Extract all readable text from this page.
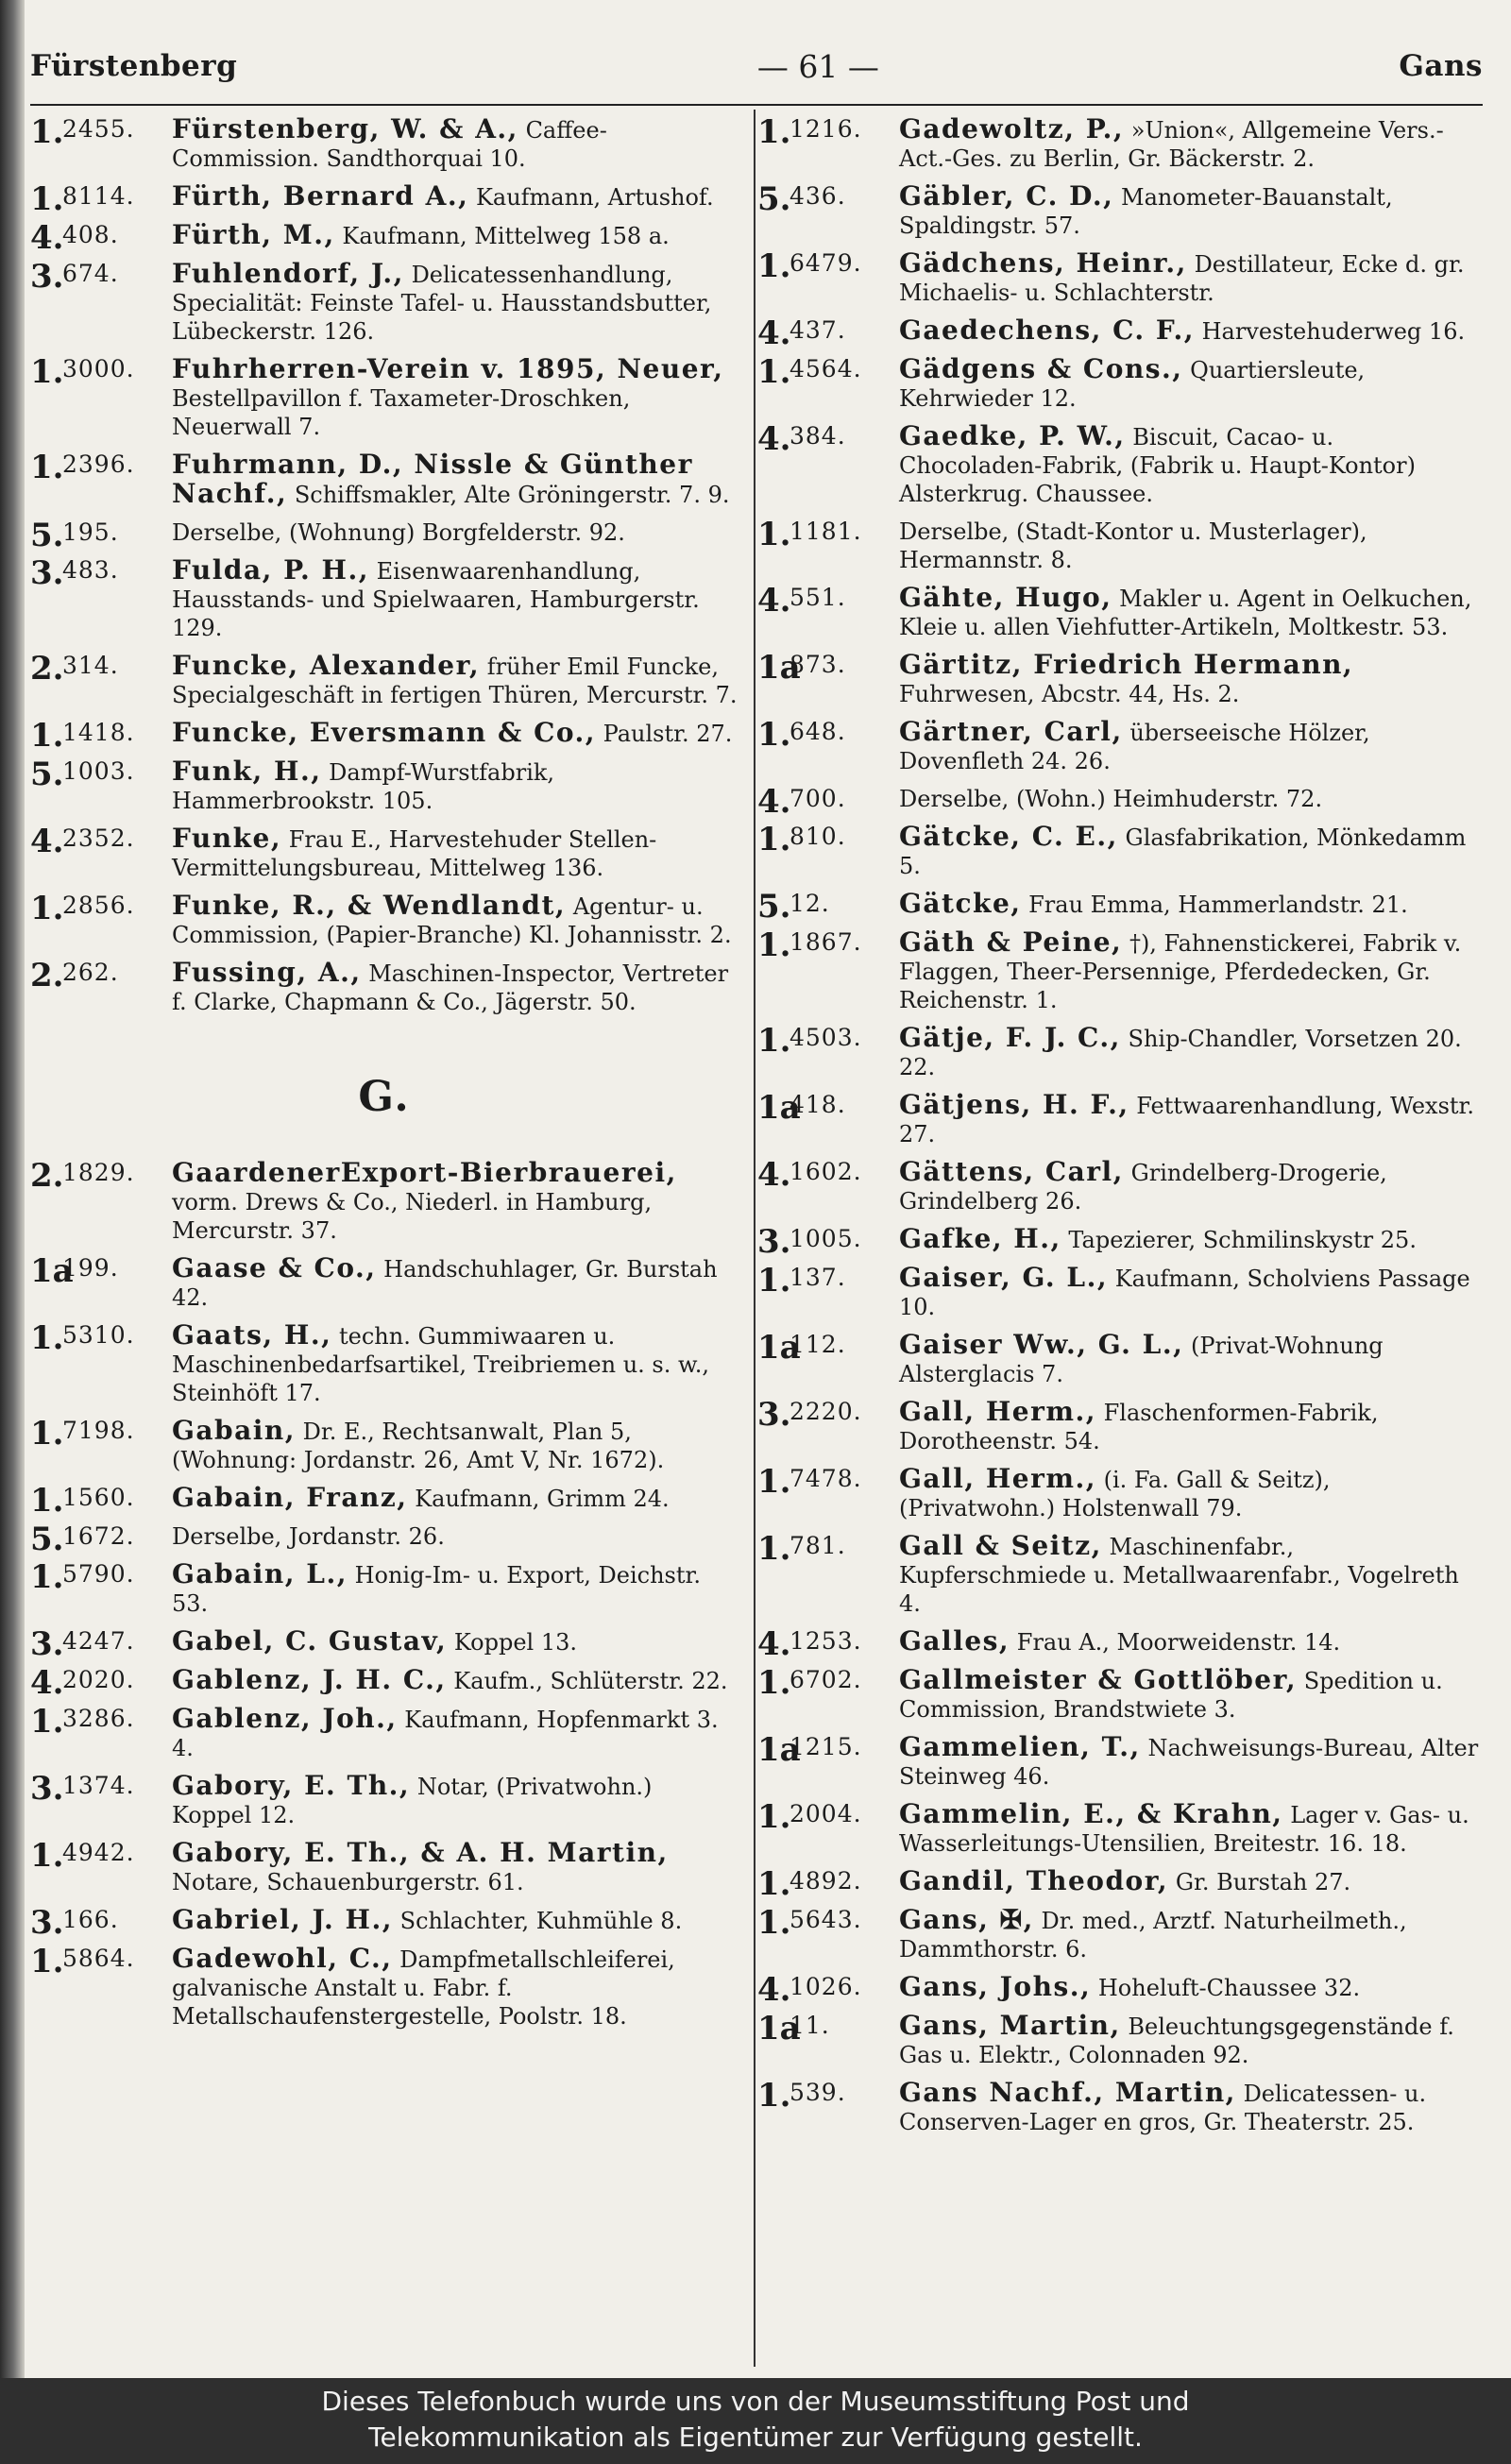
Fürstenberg	— 61 —	Gans
1.2455.	Fürstenberg, W. & A., Caffee-Commission. Sandthorquai 10.
1.8114.	Fürth, Bernard A., Kaufmann, Artushof.
4.408.	Fürth, M., Kaufmann, Mittelweg 158 a.
3.674.	Fuhlendorf, J., Delicatessenhandlung, Specialität: Feinste Tafel- u. Hausstandsbutter, Lübeckerstr. 126.
1.3000.	Fuhrherren-Verein v. 1895, Neuer, Bestellpavillon f. Taxameter-Droschken, Neuerwall 7.
1.2396.	Fuhrmann, D., Nissle & Günther Nachf., Schiffsmakler, Alte Gröningerstr. 7. 9.
5.195.	Derselbe, (Wohnung) Borgfelderstr. 92.
3.483.	Fulda, P. H., Eisenwaarenhandlung, Hausstands- und Spielwaaren, Hamburgerstr. 129.
2.314.	Funcke, Alexander, früher Emil Funcke, Specialgeschäft in fertigen Thüren, Mercurstr. 7.
1.1418.	Funcke, Eversmann & Co., Paulstr. 27.
5.1003.	Funk, H., Dampf-Wurstfabrik, Hammerbrookstr. 105.
4.2352.	Funke, Frau E., Harvestehuder Stellen-Vermittelungsbureau, Mittelweg 136.
1.2856.	Funke, R., & Wendlandt, Agentur- u. Commission, (Papier-Branche) Kl. Johannisstr. 2.
2.262.	Fussing, A., Maschinen-Inspector, Vertreter f. Clarke, Chapmann & Co., Jägerstr. 50.
G.
2.1829.	GaardenerExport-Bierbrauerei, vorm. Drews & Co., Niederl. in Hamburg, Mercurstr. 37.
1a199.	Gaase & Co., Handschuhlager, Gr. Burstah 42.
1.5310.	Gaats, H., techn. Gummiwaaren u. Maschinenbedarfsartikel, Treibriemen u. s. w., Steinhöft 17.
1.7198.	Gabain, Dr. E., Rechtsanwalt, Plan 5, (Wohnung: Jordanstr. 26, Amt V, Nr. 1672).
1.1560.	Gabain, Franz, Kaufmann, Grimm 24.
5.1672.	Derselbe, Jordanstr. 26.
1.5790.	Gabain, L., Honig-Im- u. Export, Deichstr. 53.
3.4247.	Gabel, C. Gustav, Koppel 13.
4.2020.	Gablenz, J. H. C., Kaufm., Schlüterstr. 22.
1.3286.	Gablenz, Joh., Kaufmann, Hopfenmarkt 3. 4.
3.1374.	Gabory, E. Th., Notar, (Privatwohn.) Koppel 12.
1.4942.	Gabory, E. Th., & A. H. Martin, Notare, Schauenburgerstr. 61.
3.166.	Gabriel, J. H., Schlachter, Kuhmühle 8.
1.5864.	Gadewohl, C., Dampfmetallschleiferei, galvanische Anstalt u. Fabr. f. Metallschaufenstergestelle, Poolstr. 18.
1.1216.	Gadewoltz, P., »Union«, Allgemeine Vers.-Act.-Ges. zu Berlin, Gr. Bäckerstr. 2.
5.436.	Gäbler, C. D., Manometer-Bauanstalt, Spaldingstr. 57.
1.6479.	Gädchens, Heinr., Destillateur, Ecke d. gr. Michaelis- u. Schlachterstr.
4.437.	Gaedechens, C. F., Harvestehuderweg 16.
1.4564.	Gädgens & Cons., Quartiersleute, Kehrwieder 12.
4.384.	Gaedke, P. W., Biscuit, Cacao- u. Chocoladen-Fabrik, (Fabrik u. Haupt-Kontor) Alsterkrug. Chaussee.
1.1181.	Derselbe, (Stadt-Kontor u. Musterlager), Hermannstr. 8.
4.551.	Gähte, Hugo, Makler u. Agent in Oelkuchen, Kleie u. allen Viehfutter-Artikeln, Moltkestr. 53.
1a873.	Gärtitz, Friedrich Hermann, Fuhrwesen, Abcstr. 44, Hs. 2.
1.648.	Gärtner, Carl, überseeische Hölzer, Dovenfleth 24. 26.
4.700.	Derselbe, (Wohn.) Heimhuderstr. 72.
1.810.	Gätcke, C. E., Glasfabrikation, Mönkedamm 5.
5.12.	Gätcke, Frau Emma, Hammerlandstr. 21.
1.1867.	Gäth & Peine, †), Fahnenstickerei, Fabrik v. Flaggen, Theer-Persennige, Pferdedecken, Gr. Reichenstr. 1.
1.4503.	Gätje, F. J. C., Ship-Chandler, Vorsetzen 20. 22.
1a418.	Gätjens, H. F., Fettwaarenhandlung, Wexstr. 27.
4.1602.	Gättens, Carl, Grindelberg-Drogerie, Grindelberg 26.
3.1005.	Gafke, H., Tapezierer, Schmilinskystr 25.
1.137.	Gaiser, G. L., Kaufmann, Scholviens Passage 10.
1a112.	Gaiser Ww., G. L., (Privat-Wohnung Alsterglacis 7.
3.2220.	Gall, Herm., Flaschenformen-Fabrik, Dorotheenstr. 54.
1.7478.	Gall, Herm., (i. Fa. Gall & Seitz), (Privatwohn.) Holstenwall 79.
1.781.	Gall & Seitz, Maschinenfabr., Kupferschmiede u. Metallwaarenfabr., Vogelreth 4.
4.1253.	Galles, Frau A., Moorweidenstr. 14.
1.6702.	Gallmeister & Gottlöber, Spedition u. Commission, Brandstwiete 3.
1a1215.	Gammelien, T., Nachweisungs-Bureau, Alter Steinweg 46.
1.2004.	Gammelin, E., & Krahn, Lager v. Gas- u. Wasserleitungs-Utensilien, Breitestr. 16. 18.
1.4892.	Gandil, Theodor, Gr. Burstah 27.
1.5643.	Gans, ✠, Dr. med., Arztf. Naturheilmeth., Dammthorstr. 6.
4.1026.	Gans, Johs., Hoheluft-Chaussee 32.
1a11.	Gans, Martin, Beleuchtungsgegenstände f. Gas u. Elektr., Colonnaden 92.
1.539.	Gans Nachf., Martin, Delicatessen- u. Conserven-Lager en gros, Gr. Theaterstr. 25.
Dieses Telefonbuch wurde uns von der Museumsstiftung Post und
Telekommunikation als Eigentümer zur Verfügung gestellt.
